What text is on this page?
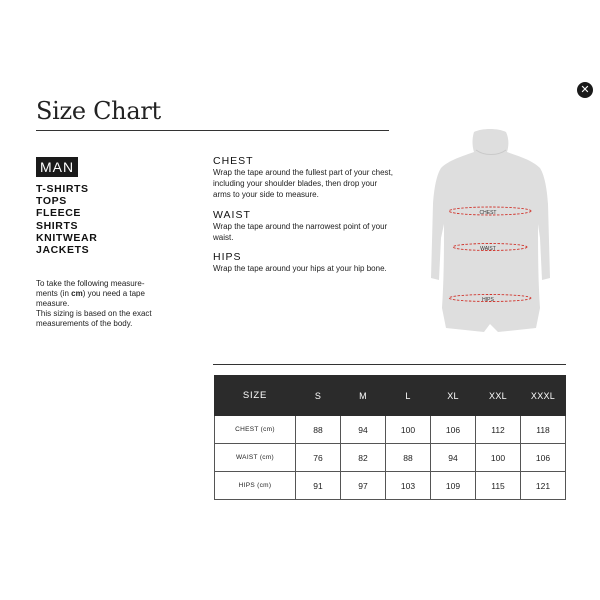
✕
Size Chart
MAN
T-SHIRTS
TOPS
FLEECE
SHIRTS
KNITWEAR
JACKETS
To take the following measure-
ments (in cm) you need a tape
measure.
This sizing is based on the exact
measurements of the body.
CHEST

Wrap the tape around the fullest part of your chest, including your shoulder blades, then drop your arms to your side to measure.

WAIST

Wrap the tape around the narrowest point of your waist.

HIPS

Wrap the tape around your hips at your hip bone.

CHEST
WAIST
HIPS
SIZE	S	M	L	XL	XXL	XXXL
CHEST (cm)	88	94	100	106	112	118
WAIST (cm)	76	82	88	94	100	106
HIPS (cm)	91	97	103	109	115	121
